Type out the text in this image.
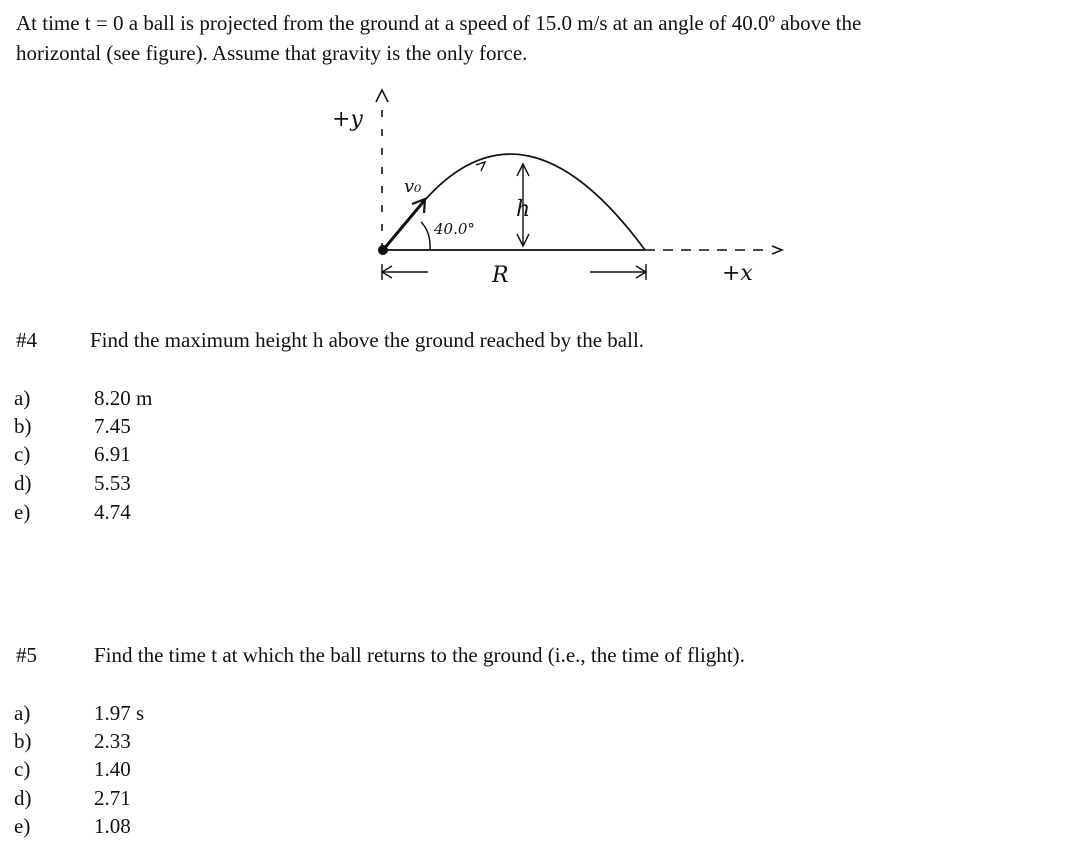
At time t = 0 a ball is projected from the ground at a speed of 15.0 m/s at an angle of 40.0º above the
horizontal (see figure). Assume that gravity is the only force.
+y
+x
v₀
40.0°
h
R
#4	Find the maximum height h above the ground reached by the ball.
a)	8.20 m
b)	7.45
c)	6.91
d)	5.53
e)	4.74
#5	Find the time t at which the ball returns to the ground (i.e., the time of flight).
a)	1.97 s
b)	2.33
c)	1.40
d)	2.71
e)	1.08
